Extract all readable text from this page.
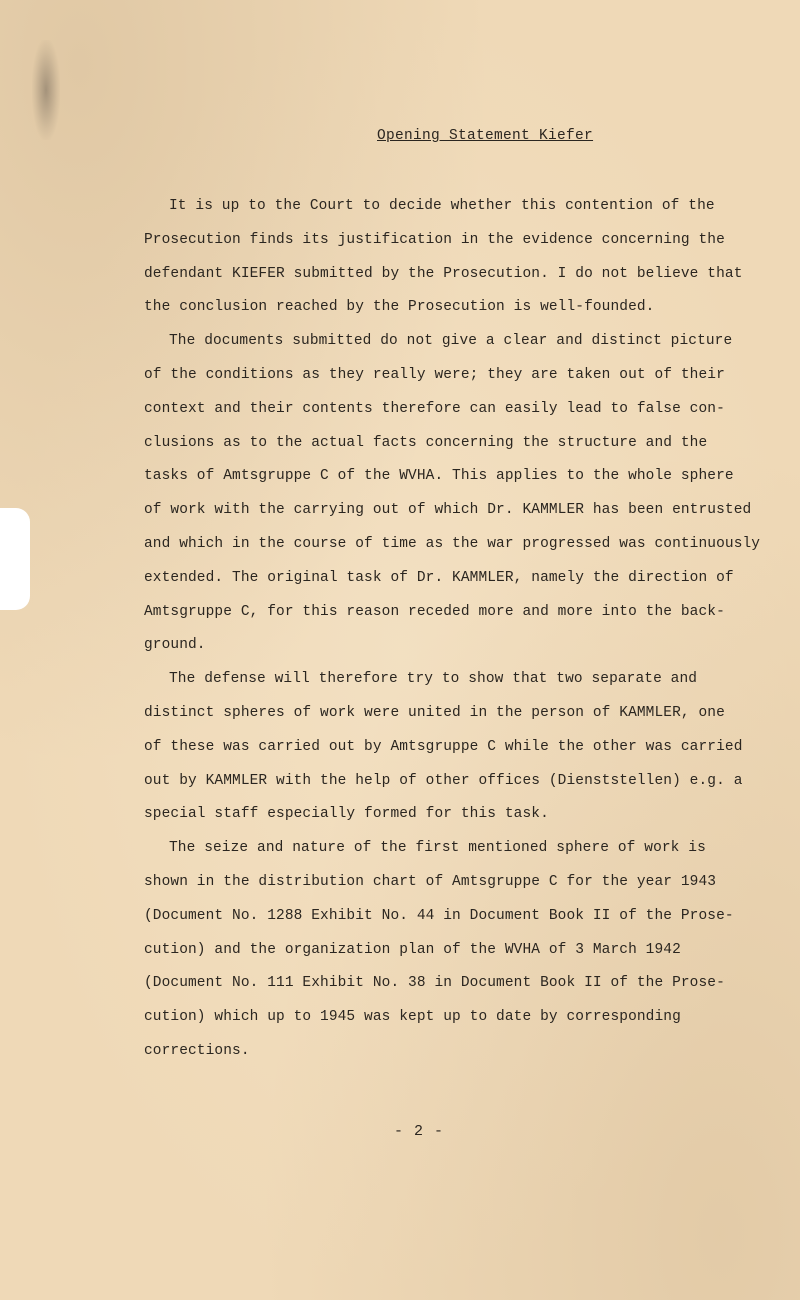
Opening Statement Kiefer
It is up to the Court to decide whether this contention of the
Prosecution finds its justification in the evidence concerning the
defendant KIEFER submitted by the Prosecution. I do not believe that
the conclusion reached by the Prosecution is well-founded.
The documents submitted do not give a clear and distinct picture
of the conditions as they really were; they are taken out of their
context and their contents therefore can easily lead to false con-
clusions as to the actual facts concerning the structure and the
tasks of Amtsgruppe C of the WVHA. This applies to the whole sphere
of work with the carrying out of which Dr. KAMMLER has been entrusted
and which in the course of time as the war progressed was continuously
extended. The original task of Dr. KAMMLER, namely the direction of
Amtsgruppe C, for this reason receded more and more into the back-
ground.
The defense will therefore try to show that two separate and
distinct spheres of work were united in the person of KAMMLER, one
of these was carried out by Amtsgruppe C while the other was carried
out by KAMMLER with the help of other offices (Dienststellen) e.g. a
special staff especially formed for this task.
The seize and nature of the first mentioned sphere of work is
shown in the distribution chart of Amtsgruppe C for the year 1943
(Document No. 1288 Exhibit No. 44 in Document Book II of the Prose-
cution) and the organization plan of the WVHA of 3 March 1942
(Document No. 111 Exhibit No. 38 in Document Book II of the Prose-
cution) which up to 1945 was kept up to date by corresponding
corrections.
- 2 -
